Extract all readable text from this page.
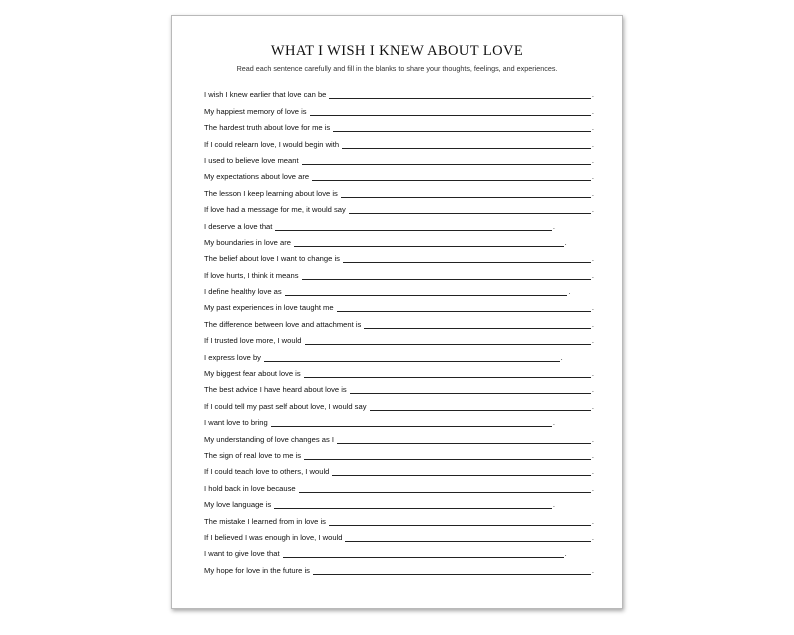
WHAT I WISH I KNEW ABOUT LOVE
Read each sentence carefully and fill in the blanks to share your thoughts, feelings, and experiences.
I wish I knew earlier that love can be	.
My happiest memory of love is	.
The hardest truth about love for me is	.
If I could relearn love, I would begin with	.
I used to believe love meant	.
My expectations about love are	.
The lesson I keep learning about love is	.
If love had a message for me, it would say	.
I deserve a love that	.
My boundaries in love are	.
The belief about love I want to change is	.
If love hurts, I think it means	.
I define healthy love as	.
My past experiences in love taught me	.
The difference between love and attachment is	.
If I trusted love more, I would	.
I express love by	.
My biggest fear about love is	.
The best advice I have heard about love is	.
If I could tell my past self about love, I would say	.
I want love to bring	.
My understanding of love changes as I	.
The sign of real love to me is	.
If I could teach love to others, I would	.
I hold back in love because	.
My love language is	.
The mistake I learned from in love is	.
If I believed I was enough in love, I would	.
I want to give love that	.
My hope for love in the future is	.
